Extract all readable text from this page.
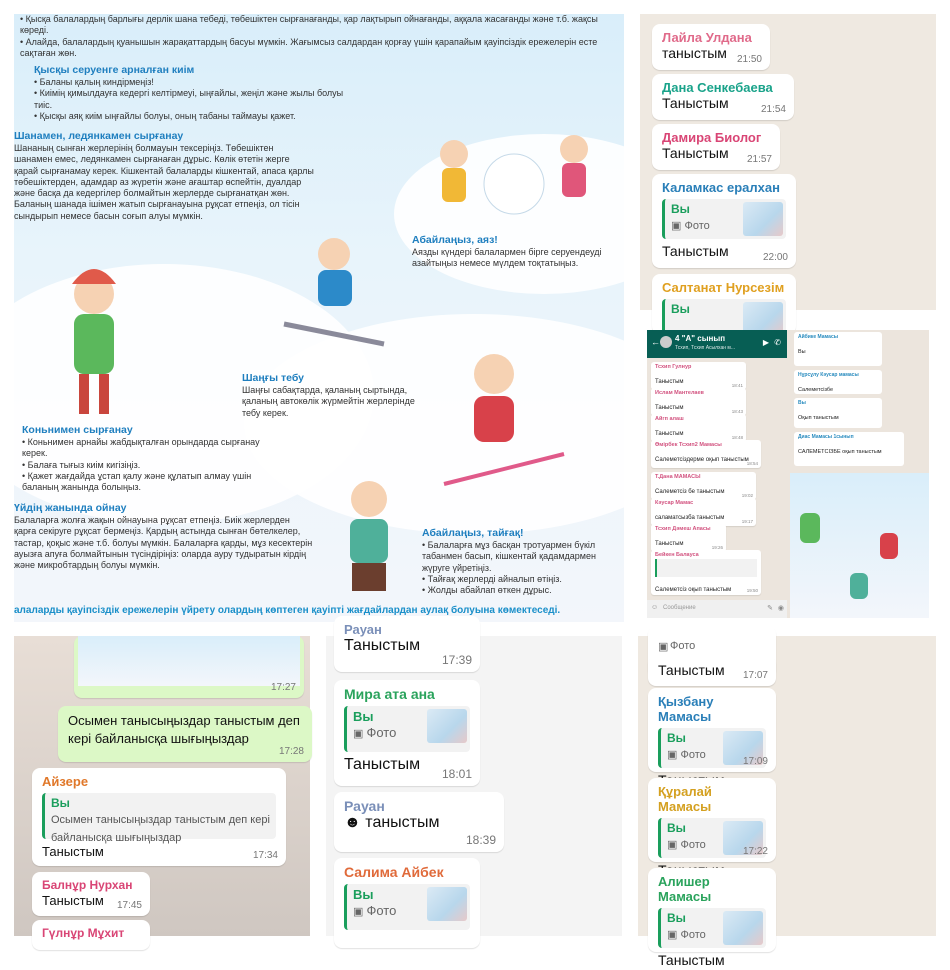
• Қысқа балалардың барлығы дерлік шана тебеді, төбешіктен сырғанағанды, қар лақтырып ойнағанды, аққала жасағанды және т.б. жақсы көреді.
• Алайда, балалардың қуанышын жарақаттардың басуы мүмкін. Жағымсыз салдардан қорғау үшін қарапайым қауіпсіздік ережелерін есте сақтаған жөн.
Қысқы серуенге арналған киім
• Баланы қалың киндірмеңіз!
• Киімің қимылдауға кедергі келтірмеуі, ыңғайлы, жеңіл және жылы болуы тиіс.
• Қысқы аяқ киім ыңғайлы болуы, оның табаны таймауы қажет.
Шанамен, ледянкамен сырғанау
Шананың сынған жерлерінің болмауын тексеріңіз. Төбешіктен шанамен емес, ледянкамен сырғанаған дұрыс. Көлік өтетін жерге қарай сырғанамау керек. Кішкентай балаларды кішкентай, апаса қарлы төбешіктерден, адамдар аз жүретін және ағаштар өспейтін, дуалдар және басқа да кедергілер болмайтын жерлерде сырғанатқан жөн. Баланың шанада ішімен жатып сырғанауына рұқсат етпеңіз, ол тісін сындырып немесе басын соғып алуы мүмкін.
Абайлаңыз, аяз!
Аязды күндері балалармен бірге серуендеуді азайтыңыз немесе мүлдем тоқтатыңыз.
Шаңғы тебу
Шаңғы сабақтарда, қаланың сыртында, қаланың автокөлік жүрмейтін жерлерінде тебу керек.
Коньнимен сырғанау
• Коньнимен арнайы жабдықталған орындарда сырғанау керек.
• Балаға тығыз киім кигізіңіз.
• Қажет жағдайда ұстап қалу және құлатып алмау үшін баланың жанында болыңыз.
Үйдің жанында ойнау
Балаларға жолға жақын ойнауына рұқсат етпеңіз. Биік жерлерден қарға секіруге рұқсат бермеңіз. Қардың астында сынған бөтелкелер, тастар, қоқыс және т.б. болуы мүмкін. Балаларға қарды, мұз кесектерін ауызға апуға болмайтынын түсіндіріңіз: оларда ауру тудыратын кірдің және микробтардың болуы мүмкін.
Абайлаңыз, тайғақ!
• Балаларға мұз басқан тротуармен бүкіл табанмен басып, кішкентай қадамдармен жүруге үйретіңіз.
• Тайғақ жерлерді айналып өтіңіз.
• Жолды абайлап өткен дұрыс.
алаларды қауіпсіздік ережелерін үйрету олардың көптеген қауіпті жағдайлардан аулақ болуына көмектеседі.
Лайла Улдана
таныстым 21:50
Дана Сенкебаева
Таныстым	21:54
Дамира Биолог
Таныстым 21:57
Каламкас ералхан
Вы
▣ Фото
Таныстым	22:00
Салтанат Нурсезім
Вы
← 4 "А" сынып
Тсхип, Тсхип Асылхан м...
▶ ✆
Тсхип Гулнур
Таныстым
18:41
Ислам Мантелаев
Таныстым
18:43
Айгп алаш
Таныстым
18:48
Өмірбек Тсхип2 Мамасы
Салеметсіздерме оқып таныстым
18:54
Т.Дана МАМАСЫ
Салеметсіз бе таныстым
19:02
Кәусар Мамас
саламатсызба таныстым
19:17
Тсхип Дәмеш Апасы
Таныстым
19:26
Бейкен Балауса
Салеметсіз оқып таныстым	19:50
☺ Сообщение	✎ ◉
Айбике Мамасы
Вы
Нұрсұлу Кәусар мамасы
Салеметсізбе
Вы
Оқып таныстым
Диас Мамасы 1сынып
САЛЕМЕТСІЗБЕ оқып таныстым
17:27
Осымен танысыңыздар таныстым деп кері байланысқа шығыңыздар
17:28
Айзере
Вы
Осымен танысыңыздар таныстым деп кері байланысқа шығыңыздар
Таныстым	17:34
Балнұр Нурхан
Таныстым 17:45
Гүлнұр Мұхит
Рауан
Таныстым
17:39
Мира ата ана
Вы
▣ Фото
Таныстым
18:01
Рауан
☻ таныстым
18:39
Салима Айбек
Вы
▣ Фото
▣ Фото
Таныстым 17:07
Қызбану Мамасы
Вы
▣ Фото
17:09
Құралай Мамасы
Вы
▣ Фото
17:22
Алишер Мамасы
Вы
▣ Фото
Таныстым
